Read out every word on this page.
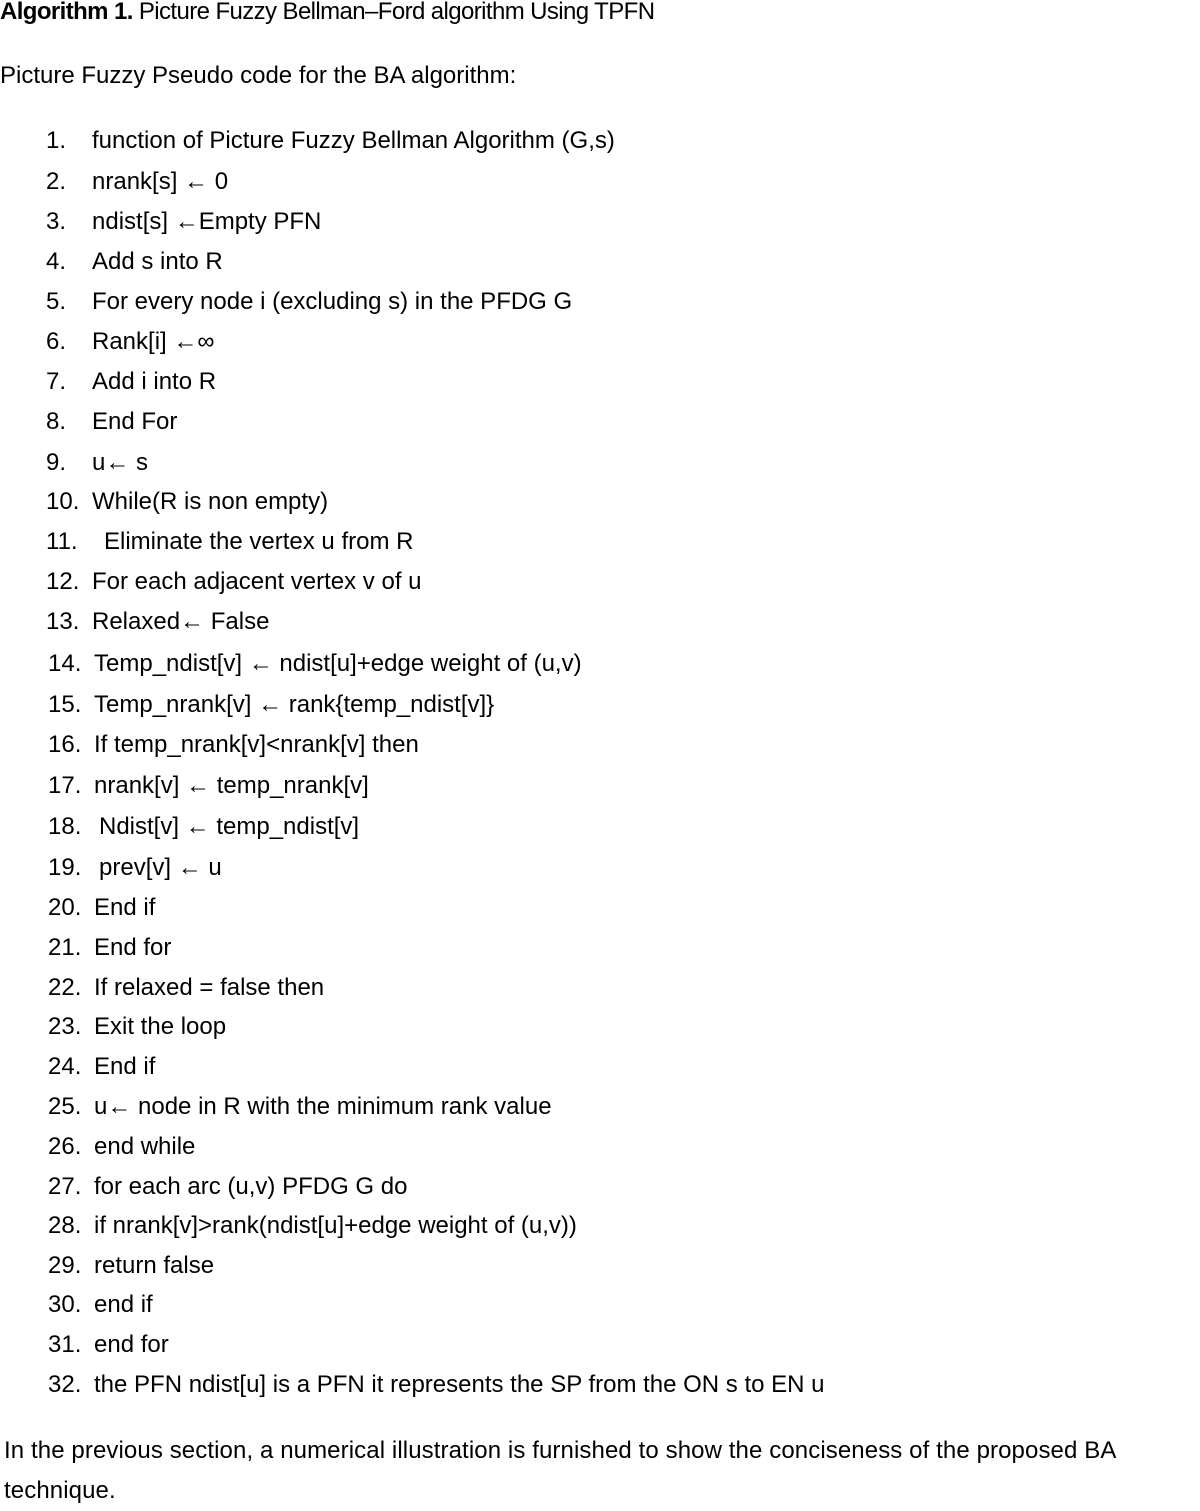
Algorithm 1. Picture Fuzzy Bellman–Ford algorithm Using TPFN
Picture Fuzzy Pseudo code for the BA algorithm:
1. function of Picture Fuzzy Bellman Algorithm (G,s)
2. nrank[s] ← 0
3. ndist[s] ←Empty PFN
4. Add s into R
5. For every node i (excluding s) in the PFDG G
6. Rank[i] ←∞
7. Add i into R
8. End For
9. u← s
10. While(R is non empty)
11. Eliminate the vertex u from R
12. For each adjacent vertex v of u
13. Relaxed← False
14. Temp_ndist[v] ← ndist[u]+edge weight of (u,v)
15. Temp_nrank[v] ← rank{temp_ndist[v]}
16. If temp_nrank[v]<nrank[v] then
17. nrank[v] ← temp_nrank[v]
18. Ndist[v] ← temp_ndist[v]
19. prev[v] ← u
20. End if
21. End for
22. If relaxed = false then
23. Exit the loop
24. End if
25. u← node in R with the minimum rank value
26. end while
27. for each arc (u,v) PFDG G do
28. if nrank[v]>rank(ndist[u]+edge weight of (u,v))
29. return false
30. end if
31. end for
32. the PFN ndist[u] is a PFN it represents the SP from the ON s to EN u

In the previous section, a numerical illustration is furnished to show the conciseness of the proposed BA technique.
